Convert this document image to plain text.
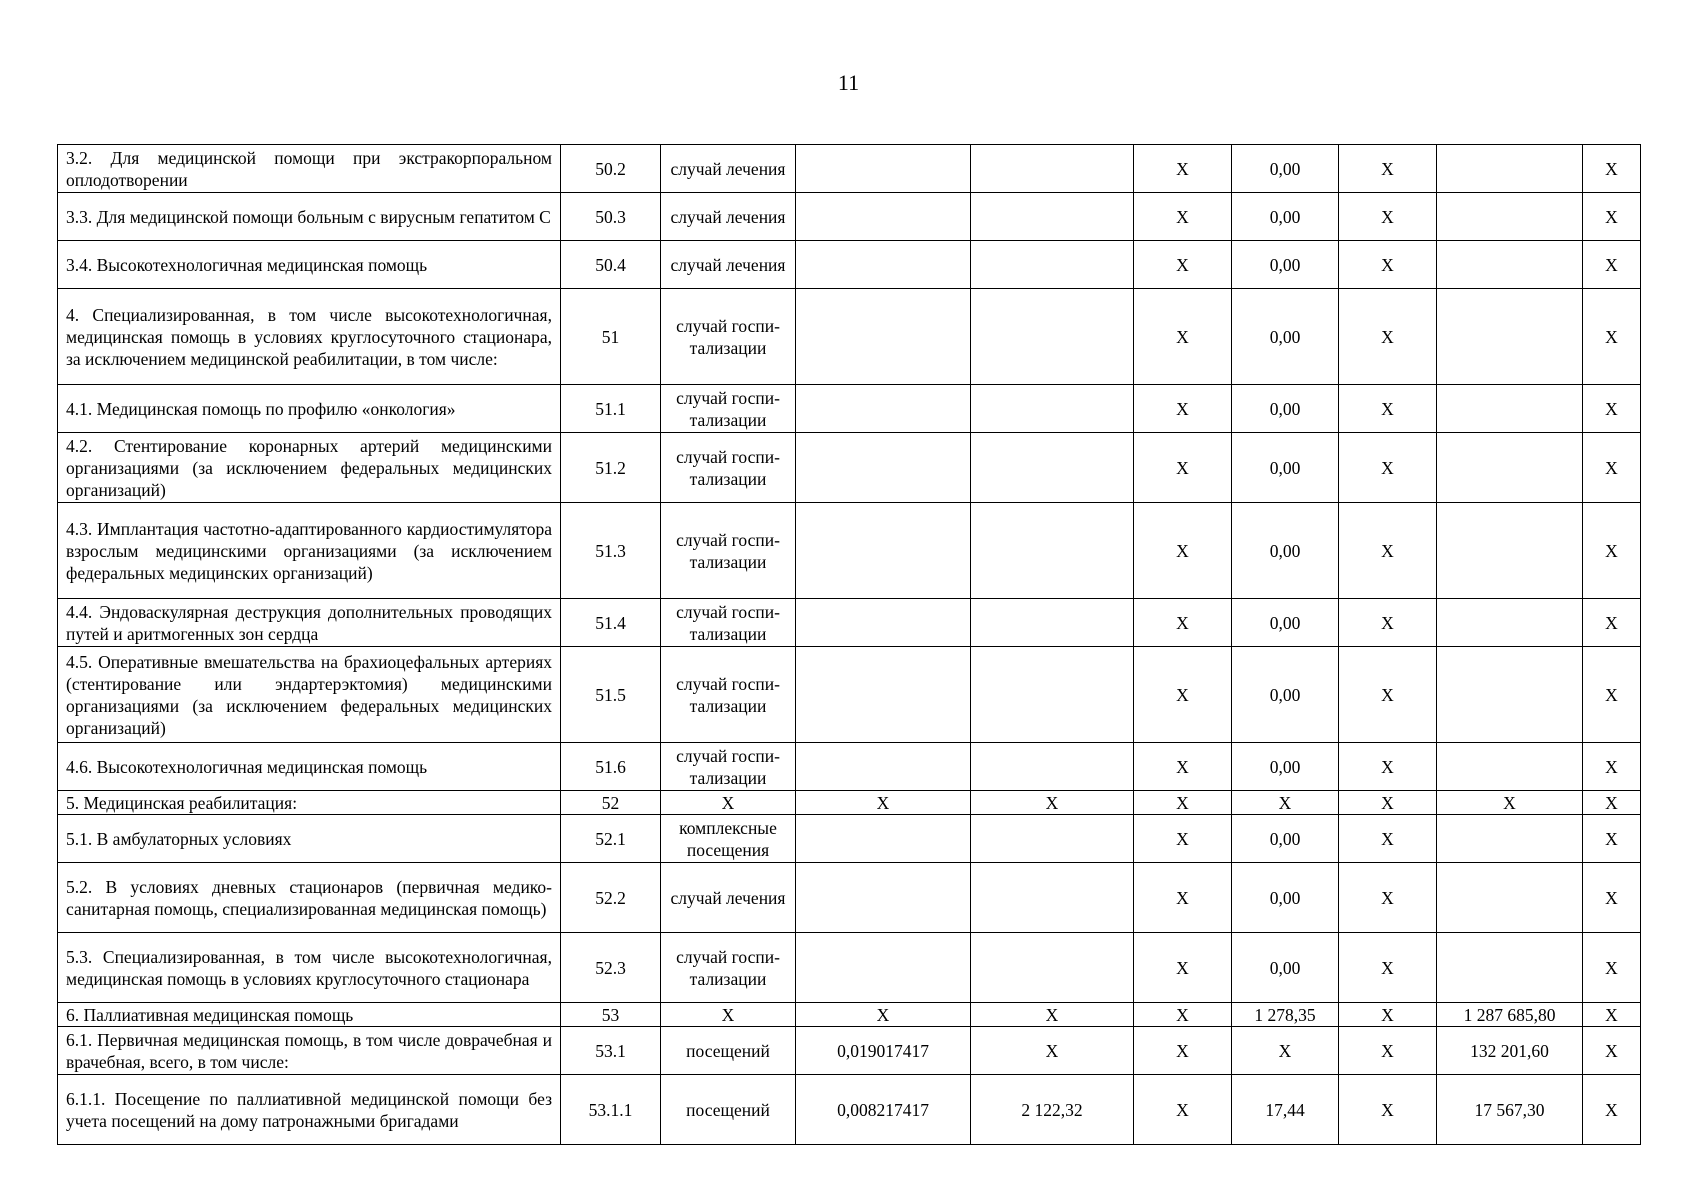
11
3.2. Для медицинской помощи при экстракорпоральном оплодотворении	50.2	случай лечения			Х	0,00	Х		Х
3.3. Для медицинской помощи больным с вирусным гепатитом С	50.3	случай лечения			Х	0,00	Х		Х
3.4. Высокотехнологичная медицинская помощь	50.4	случай лечения			Х	0,00	Х		Х
4. Специализированная, в том числе высокотехнологичная, медицинская помощь в условиях круглосуточного стационара, за исключением медицинской реабилитации, в том числе:	51	случай госпи-тализации			Х	0,00	Х		Х
4.1. Медицинская помощь по профилю «онкология»	51.1	случай госпи-тализации			Х	0,00	Х		Х
4.2. Стентирование коронарных артерий медицинскими организациями (за исключением федеральных медицинских организаций)	51.2	случай госпи-тализации			Х	0,00	Х		Х
4.3. Имплантация частотно-адаптированного кардиостимулятора взрослым медицинскими организациями (за исключением федеральных медицинских организаций)	51.3	случай госпи-тализации			Х	0,00	Х		Х
4.4. Эндоваскулярная деструкция дополнительных проводящих путей и аритмогенных зон сердца	51.4	случай госпи-тализации			Х	0,00	Х		Х
4.5. Оперативные вмешательства на брахиоцефальных артериях (стентирование или эндартерэктомия) медицинскими организациями (за исключением федеральных медицинских организаций)	51.5	случай госпи-тализации			Х	0,00	Х		Х
4.6. Высокотехнологичная медицинская помощь	51.6	случай госпи-тализации			Х	0,00	Х		Х
5. Медицинская реабилитация:	52	Х	Х	Х	Х	Х	Х	Х	Х
5.1. В амбулаторных условиях	52.1	комплексные посещения			Х	0,00	Х		Х
5.2. В условиях дневных стационаров (первичная медико-санитарная помощь, специализированная медицинская помощь)	52.2	случай лечения			Х	0,00	Х		Х
5.3. Специализированная, в том числе высокотехнологичная, медицинская помощь в условиях круглосуточного стационара	52.3	случай госпи-тализации			Х	0,00	Х		Х
6. Паллиативная медицинская помощь	53	Х	Х	Х	Х	1 278,35	Х	1 287 685,80	Х
6.1. Первичная медицинская помощь, в том числе доврачебная и врачебная, всего, в том числе:	53.1	посещений	0,019017417	Х	Х	Х	Х	132 201,60	Х
6.1.1. Посещение по паллиативной медицинской помощи без учета посещений на дому патронажными бригадами	53.1.1	посещений	0,008217417	2 122,32	Х	17,44	Х	17 567,30	Х
